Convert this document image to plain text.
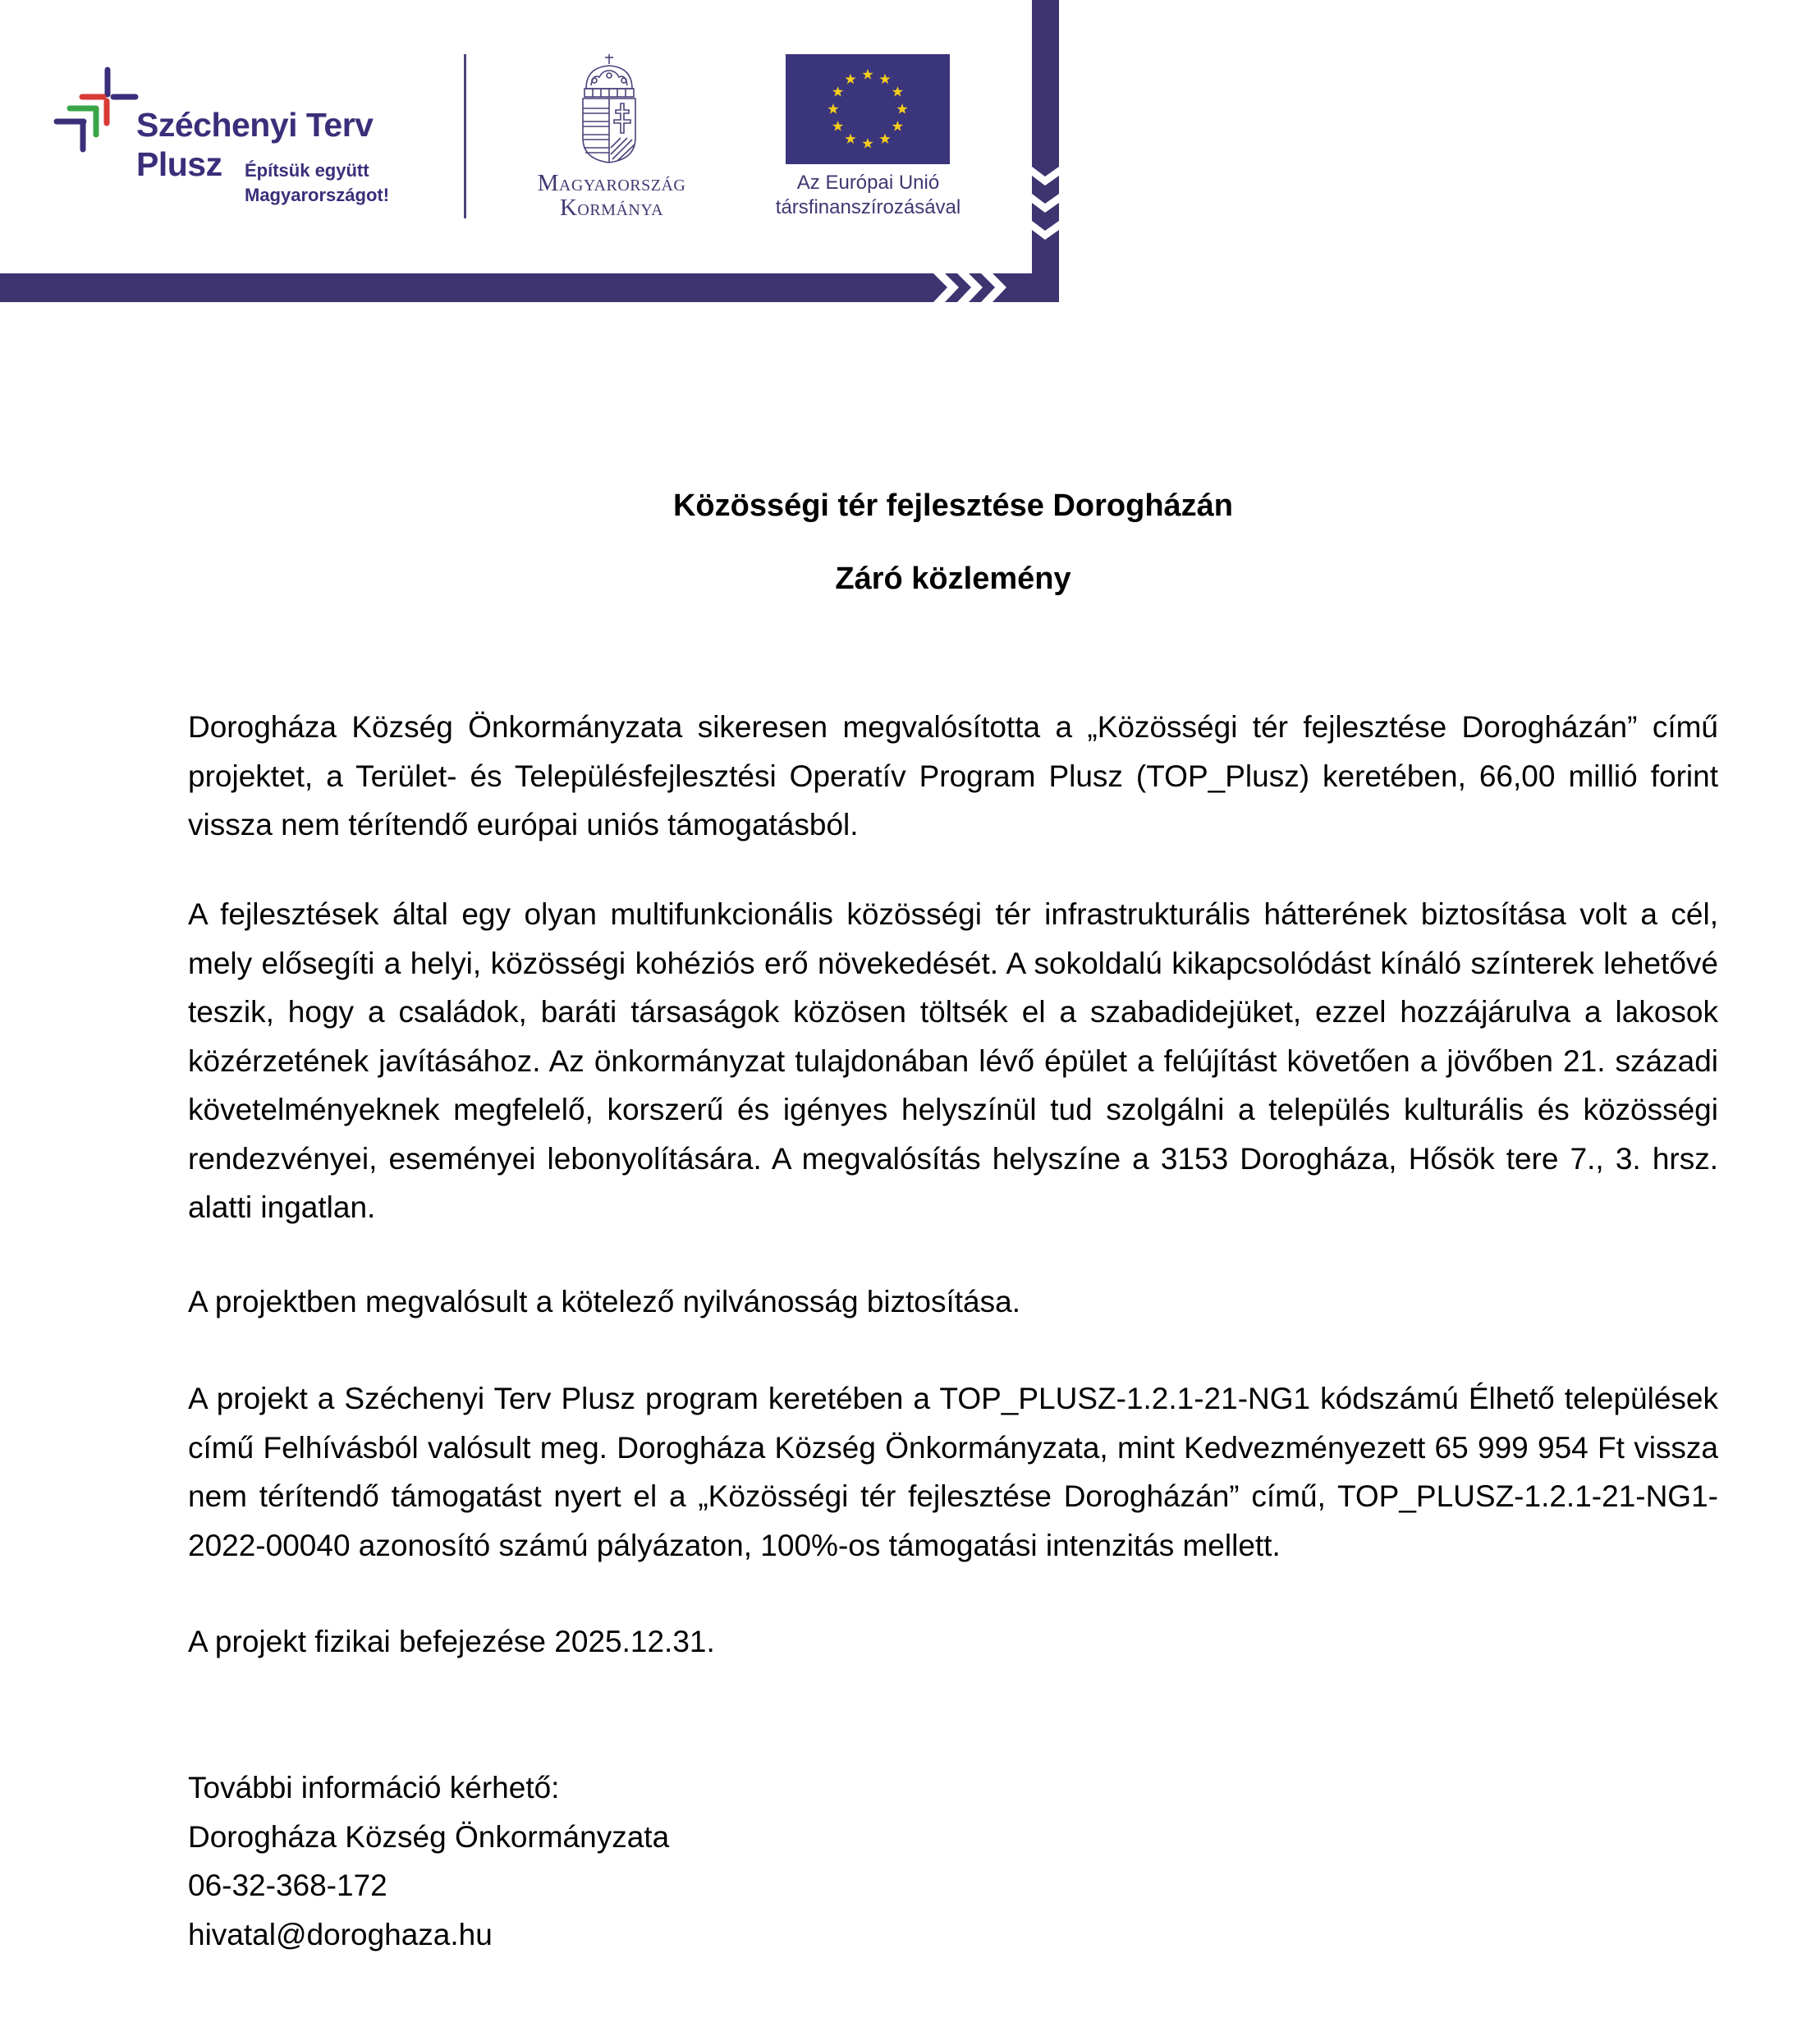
Széchenyi Terv
Plusz Építsük együtt
Magyarországot!	Magyarország
Kormánya
Az Európai Unió
társfinanszírozásával
Közösségi tér fejlesztése Dorogházán
Záró közlemény
Dorogháza Község Önkormányzata sikeresen megvalósította a „Közösségi tér fejlesztése Dorogházán” című projektet, a Terület- és Településfejlesztési Operatív Program Plusz (TOP_Plusz) keretében, 66,00 millió forint vissza nem térítendő európai uniós támogatásból.
A fejlesztések által egy olyan multifunkcionális közösségi tér infrastrukturális hátterének biztosítása volt a cél, mely elősegíti a helyi, közösségi kohéziós erő növekedését. A sokoldalú kikapcsolódást kínáló színterek lehetővé teszik, hogy a családok, baráti társaságok közösen töltsék el a szabadidejüket, ezzel hozzájárulva a lakosok közérzetének javításához. Az önkormányzat tulajdonában lévő épület a felújítást követően a jövőben 21. századi követelményeknek megfelelő, korszerű és igényes helyszínül tud szolgálni a település kulturális és közösségi rendezvényei, eseményei lebonyolítására. A megvalósítás helyszíne a 3153 Dorogháza, Hősök tere 7., 3. hrsz. alatti ingatlan.
A projektben megvalósult a kötelező nyilvánosság biztosítása.
A projekt a Széchenyi Terv Plusz program keretében a TOP_PLUSZ-1.2.1-21-NG1 kódszámú Élhető települések című Felhívásból valósult meg. Dorogháza Község Önkormányzata, mint Kedvezményezett 65 999 954 Ft vissza nem térítendő támogatást nyert el a „Közösségi tér fejlesztése Dorogházán” című, TOP_PLUSZ-1.2.1-21-NG1-2022-00040 azonosító számú pályázaton, 100%-os támogatási intenzitás mellett.
A projekt fizikai befejezése 2025.12.31.
További információ kérhető:
Dorogháza Község Önkormányzata
06-32-368-172
hivatal@doroghaza.hu
